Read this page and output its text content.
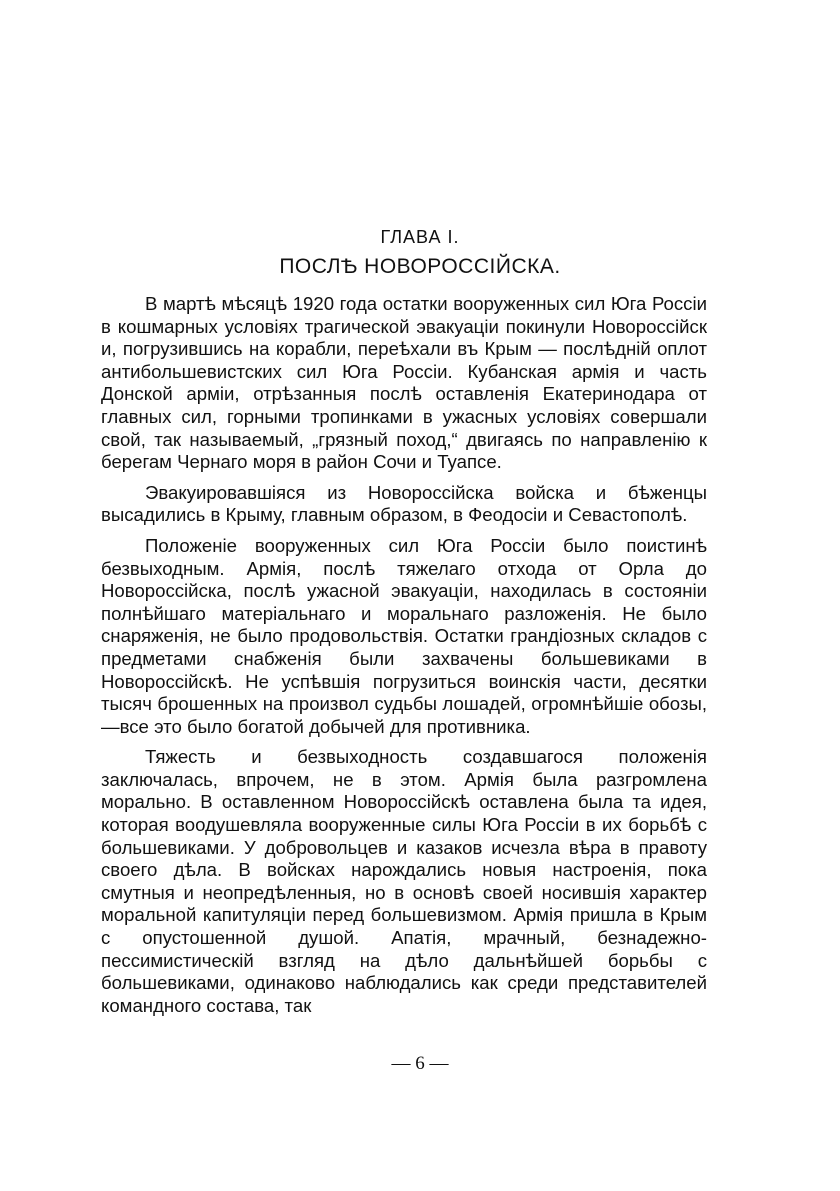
ГЛАВА I.
ПОСЛѢ НОВОРОССІЙСКА.

В мартѣ мѣсяцѣ 1920 года остатки вооруженных сил Юга Россіи в кошмарных условіях трагической эвакуаціи покинули Новороссійск и, погрузившись на корабли, переѣхали въ Крым — послѣднiй оплот антибольшевистских сил Юга Россіи. Кубанская армія и часть Донской арміи, отрѣзанныя послѣ оставленія Екатеринодара от главных сил, горными тропинками в ужасных условіях совершали свой, так называемый, „грязный поход,“ двигаясь по направленію к берегам Чернаго моря в район Сочи и Туапсе.

Эвакуировавшіяся из Новороссійска войска и бѣженцы высадились в Крыму, главным образом, в Феодосіи и Севастополѣ.

Положеніе вооруженных сил Юга Россіи было поистинѣ безвыходным. Армія, послѣ тяжелаго отхода от Орла до Новороссійска, послѣ ужасной эвакуаціи, находилась в состояніи полнѣйшаго матеріальнаго и моральнаго разложенія. Не было снаряженія, не было продовольствія. Остатки грандіозных складов с предметами снабженія были захвачены большевиками в Новороссійскѣ. Не успѣвшія погрузиться воинскія части, десятки тысяч брошенных на произвол судьбы лошадей, огромнѣйшіе обозы,—все это было богатой добычей для противника.

Тяжесть и безвыходность создавшагося положенія заключалась, впрочем, не в этом. Армія была разгромлена морально. В оставленном Новороссійскѣ оставлена была та идея, которая воодушевляла вооруженные силы Юга Россіи в их борьбѣ с большевиками. У добровольцев и казаков исчезла вѣра в правоту своего дѣла. В войсках нарождались новыя настроенія, пока смутныя и неопредѣленныя, но в основѣ своей носившія характер моральной капитуляціи перед большевизмом. Армія пришла в Крым с опустошенной душой. Апатія, мрачный, безнадежно-пессимистическій взгляд на дѣло дальнѣйшей борьбы с большевиками, одинаково наблюдались как среди представителей командного состава, так

— 6 —
